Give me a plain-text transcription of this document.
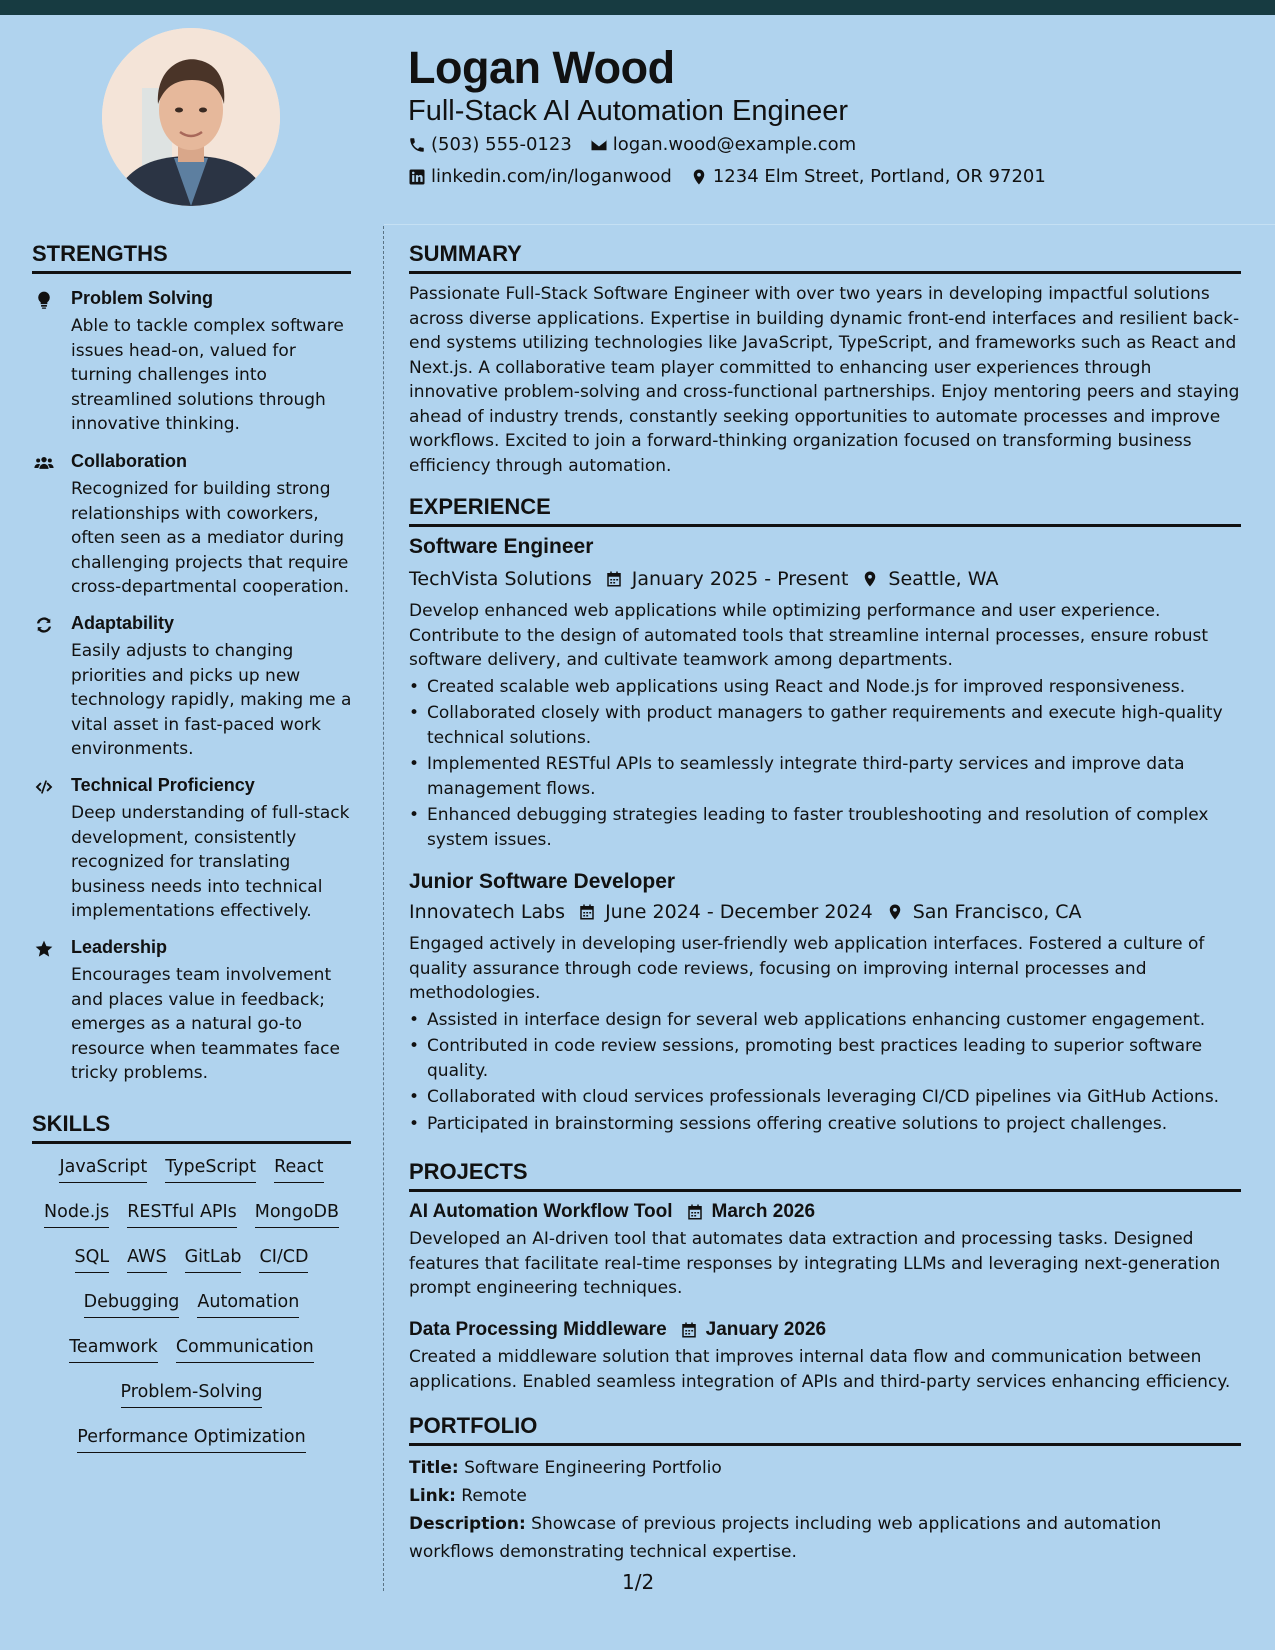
Logan Wood
Full-Stack AI Automation Engineer
(503) 555-0123 logan.wood@example.com
linkedin.com/in/loganwood 1234 Elm Street, Portland, OR 97201
STRENGTHS
Problem Solving
Able to tackle complex software issues head-on, valued for turning challenges into streamlined solutions through innovative thinking.
Collaboration
Recognized for building strong relationships with coworkers, often seen as a mediator during challenging projects that require cross-departmental cooperation.
Adaptability
Easily adjusts to changing priorities and picks up new technology rapidly, making me a vital asset in fast-paced work environments.
Technical Proficiency
Deep understanding of full-stack development, consistently recognized for translating business needs into technical implementations effectively.
Leadership
Encourages team involvement and places value in feedback; emerges as a natural go-to resource when teammates face tricky problems.
SKILLS
JavaScript TypeScript React
Node.js RESTful APIs MongoDB
SQL AWS GitLab CI/CD
Debugging Automation
Teamwork Communication
Problem-Solving
Performance Optimization
SUMMARY
Passionate Full-Stack Software Engineer with over two years in developing impactful solutions across diverse applications. Expertise in building dynamic front-end interfaces and resilient back-end systems utilizing technologies like JavaScript, TypeScript, and frameworks such as React and Next.js. A collaborative team player committed to enhancing user experiences through innovative problem-solving and cross-functional partnerships. Enjoy mentoring peers and staying ahead of industry trends, constantly seeking opportunities to automate processes and improve workflows. Excited to join a forward-thinking organization focused on transforming business efficiency through automation.
EXPERIENCE
Software Engineer
TechVista Solutions January 2025 - Present Seattle, WA
Develop enhanced web applications while optimizing performance and user experience. Contribute to the design of automated tools that streamline internal processes, ensure robust software delivery, and cultivate teamwork among departments.
• Created scalable web applications using React and Node.js for improved responsiveness.
• Collaborated closely with product managers to gather requirements and execute high-quality technical solutions.
• Implemented RESTful APIs to seamlessly integrate third-party services and improve data management flows.
• Enhanced debugging strategies leading to faster troubleshooting and resolution of complex system issues.
Junior Software Developer
Innovatech Labs June 2024 - December 2024 San Francisco, CA
Engaged actively in developing user-friendly web application interfaces. Fostered a culture of quality assurance through code reviews, focusing on improving internal processes and methodologies.
• Assisted in interface design for several web applications enhancing customer engagement.
• Contributed in code review sessions, promoting best practices leading to superior software quality.
• Collaborated with cloud services professionals leveraging CI/CD pipelines via GitHub Actions.
• Participated in brainstorming sessions offering creative solutions to project challenges.
PROJECTS
AI Automation Workflow Tool March 2026
Developed an AI-driven tool that automates data extraction and processing tasks. Designed features that facilitate real-time responses by integrating LLMs and leveraging next-generation prompt engineering techniques.
Data Processing Middleware January 2026
Created a middleware solution that improves internal data flow and communication between applications. Enabled seamless integration of APIs and third-party services enhancing efficiency.
PORTFOLIO
Title: Software Engineering Portfolio
Link: Remote
Description: Showcase of previous projects including web applications and automation workflows demonstrating technical expertise.
1/2
